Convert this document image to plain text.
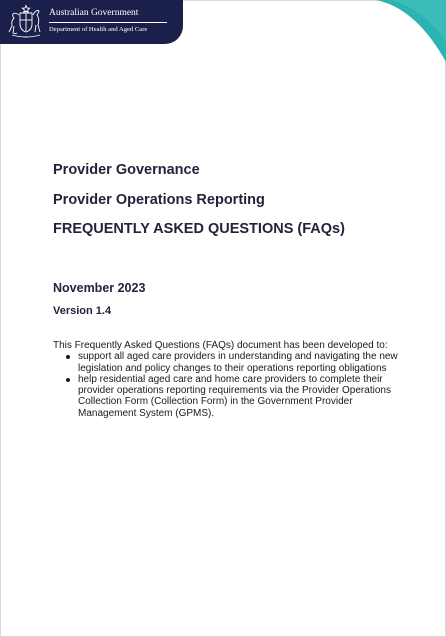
Australian Government
Department of Health and Aged Care
Provider Governance
Provider Operations Reporting
FREQUENTLY ASKED QUESTIONS (FAQs)
November 2023
Version 1.4

This Frequently Asked Questions (FAQs) document has been developed to:

support all aged care providers in understanding and navigating the new legislation and policy changes to their operations reporting obligations
help residential aged care and home care providers to complete their provider operations reporting requirements via the Provider Operations Collection Form (Collection Form) in the Government Provider Management System (GPMS).
